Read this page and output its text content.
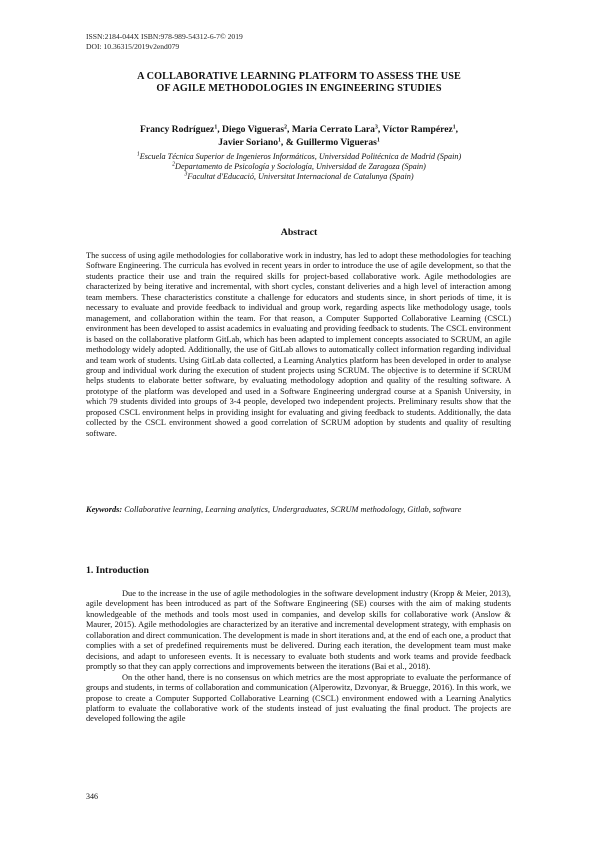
ISSN:2184-044X ISBN:978-989-54312-6-7© 2019
DOI: 10.36315/2019v2end079
A COLLABORATIVE LEARNING PLATFORM TO ASSESS THE USE
OF AGILE METHODOLOGIES IN ENGINEERING STUDIES
Francy Rodríguez$^1$, Diego Vigueras$^2$, Maria Cerrato Lara$^3$, Víctor Rampérez$^1$,
Javier Soriano$^1$, & Guillermo Vigueras$^1$
$^1$Escuela Técnica Superior de Ingenieros Informáticos, Universidad Politécnica de Madrid (Spain)
$^2$Departamento de Psicología y Sociología, Universidad de Zaragoza (Spain)
$^3$Facultat d'Educació, Universitat Internacional de Catalunya (Spain)
Abstract
The success of using agile methodologies for collaborative work in industry, has led to adopt these methodologies for teaching Software Engineering. The curricula has evolved in recent years in order to introduce the use of agile development, so that the students practice their use and train the required skills for project-based collaborative work. Agile methodologies are characterized by being iterative and incremental, with short cycles, constant deliveries and a high level of interaction among team members. These characteristics constitute a challenge for educators and students since, in short periods of time, it is necessary to evaluate and provide feedback to individual and group work, regarding aspects like methodology usage, tools management, and collaboration within the team. For that reason, a Computer Supported Collaborative Learning (CSCL) environment has been developed to assist academics in evaluating and providing feedback to students. The CSCL environment is based on the collaborative platform GitLab, which has been adapted to implement concepts associated to SCRUM, an agile methodology widely adopted. Additionally, the use of GitLab allows to automatically collect information regarding individual and team work of students. Using GitLab data collected, a Learning Analytics platform has been developed in order to analyse group and individual work during the execution of student projects using SCRUM. The objective is to determine if SCRUM helps students to elaborate better software, by evaluating methodology adoption and quality of the resulting software. A prototype of the platform was developed and used in a Software Engineering undergrad course at a Spanish University, in which 79 students divided into groups of 3-4 people, developed two independent projects. Preliminary results show that the proposed CSCL environment helps in providing insight for evaluating and giving feedback to students. Additionally, the data collected by the CSCL environment showed a good correlation of SCRUM adoption by students and quality of resulting software.
Keywords: Collaborative learning, Learning analytics, Undergraduates, SCRUM methodology, Gitlab, software
1. Introduction

Due to the increase in the use of agile methodologies in the software development industry (Kropp & Meier, 2013), agile development has been introduced as part of the Software Engineering (SE) courses with the aim of making students knowledgeable of the methods and tools most used in companies, and develop skills for collaborative work (Anslow & Maurer, 2015). Agile methodologies are characterized by an iterative and incremental development strategy, with emphasis on collaboration and direct communication. The development is made in short iterations and, at the end of each one, a product that complies with a set of predefined requirements must be delivered. During each iteration, the development team must make decisions, and adapt to unforeseen events. It is necessary to evaluate both students and work teams and provide feedback promptly so that they can apply corrections and improvements between the iterations (Bai et al., 2018).

On the other hand, there is no consensus on which metrics are the most appropriate to evaluate the performance of groups and students, in terms of collaboration and communication (Alperowitz, Dzvonyar, & Bruegge, 2016). In this work, we propose to create a Computer Supported Collaborative Learning (CSCL) environment endowed with a Learning Analytics platform to evaluate the collaborative work of the students instead of just evaluating the final product. The projects are developed following the agile

346
